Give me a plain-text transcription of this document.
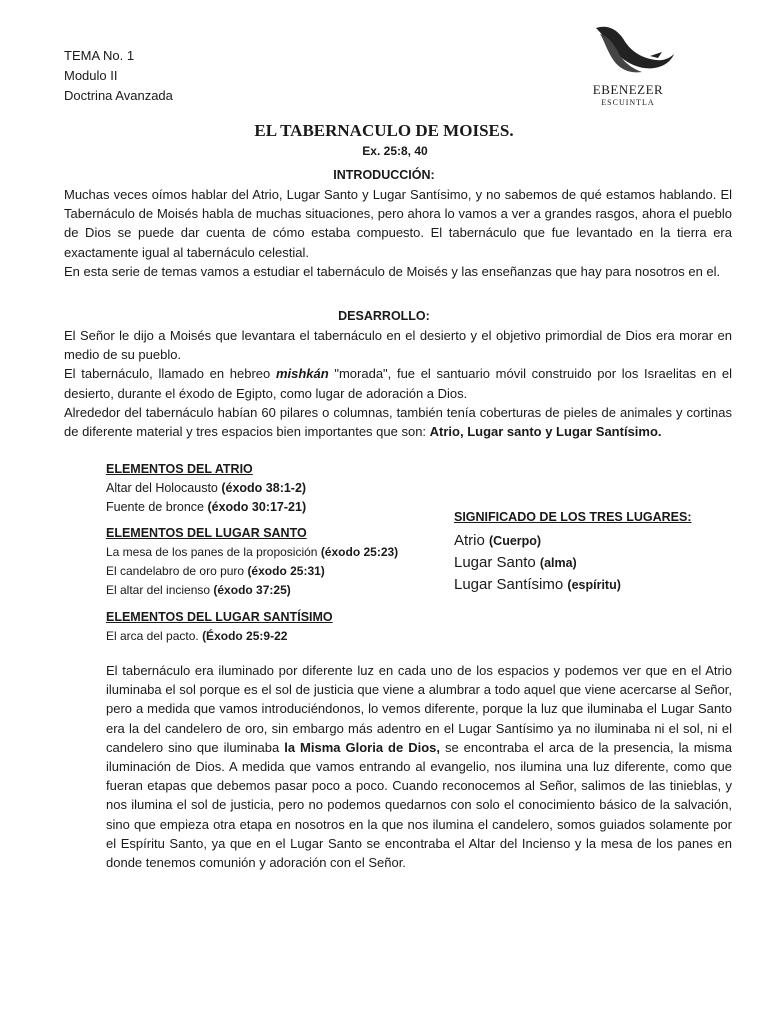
TEMA No. 1
Modulo II
Doctrina Avanzada	EBENEZER
ESCUINTLA
EL TABERNACULO DE MOISES.
Ex. 25:8, 40
INTRODUCCIÓN:

Muchas veces oímos hablar del Atrio, Lugar Santo y Lugar Santísimo, y no sabemos de qué estamos hablando. El Tabernáculo de Moisés habla de muchas situaciones, pero ahora lo vamos a ver a grandes rasgos, ahora el pueblo de Dios se puede dar cuenta de cómo estaba compuesto. El tabernáculo que fue levantado en la tierra era exactamente igual al tabernáculo celestial.

En esta serie de temas vamos a estudiar el tabernáculo de Moisés y las enseñanzas que hay para nosotros en el.

DESARROLLO:

El Señor le dijo a Moisés que levantara el tabernáculo en el desierto y el objetivo primordial de Dios era morar en medio de su pueblo.

El tabernáculo, llamado en hebreo mishkán "morada", fue el santuario móvil construido por los Israelitas en el desierto, durante el éxodo de Egipto, como lugar de adoración a Dios.

Alrededor del tabernáculo habían 60 pilares o columnas, también tenía coberturas de pieles de animales y cortinas de diferente material y tres espacios bien importantes que son: Atrio, Lugar santo y Lugar Santísimo.

ELEMENTOS DEL ATRIO
Altar del Holocausto (éxodo 38:1-2)
Fuente de bronce (éxodo 30:17-21)
ELEMENTOS DEL LUGAR SANTO
La mesa de los panes de la proposición (éxodo 25:23)
El candelabro de oro puro (éxodo 25:31)
El altar del incienso (éxodo 37:25)
ELEMENTOS DEL LUGAR SANTÍSIMO
El arca del pacto. (Éxodo 25:9-22
SIGNIFICADO DE LOS TRES LUGARES:
Atrio (Cuerpo)
Lugar Santo (alma)
Lugar Santísimo (espíritu)
El tabernáculo era iluminado por diferente luz en cada uno de los espacios y podemos ver que en el Atrio iluminaba el sol porque es el sol de justicia que viene a alumbrar a todo aquel que viene acercarse al Señor, pero a medida que vamos introduciéndonos, lo vemos diferente, porque la luz que iluminaba el Lugar Santo era la del candelero de oro, sin embargo más adentro en el Lugar Santísimo ya no iluminaba ni el sol, ni el candelero sino que iluminaba la Misma Gloria de Dios, se encontraba el arca de la presencia, la misma iluminación de Dios. A medida que vamos entrando al evangelio, nos ilumina una luz diferente, como que fueran etapas que debemos pasar poco a poco. Cuando reconocemos al Señor, salimos de las tinieblas, y nos ilumina el sol de justicia, pero no podemos quedarnos con solo el conocimiento básico de la salvación, sino que empieza otra etapa en nosotros en la que nos ilumina el candelero, somos guiados solamente por el Espíritu Santo, ya que en el Lugar Santo se encontraba el Altar del Incienso y la mesa de los panes en donde tenemos comunión y adoración con el Señor.
